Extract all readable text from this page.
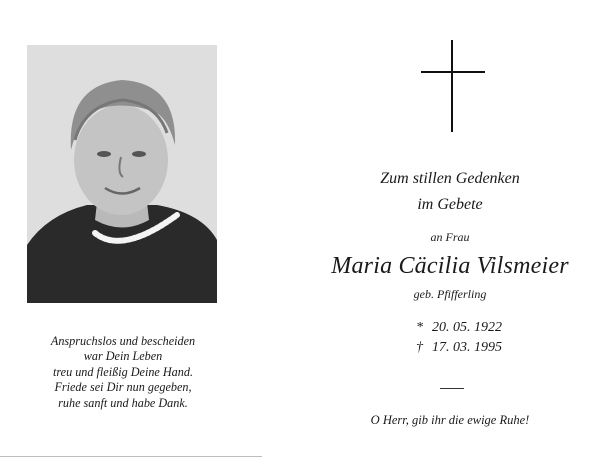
Anspruchslos und bescheiden
war Dein Leben
treu und fleißig Deine Hand.
Friede sei Dir nun gegeben,
ruhe sanft und habe Dank.
Zum stillen Gedenken
im Gebete
an Frau
Maria Cäcilia Vilsmeier
geb. Pfifferling
* 20. 05. 1922
† 17. 03. 1995
O Herr, gib ihr die ewige Ruhe!
